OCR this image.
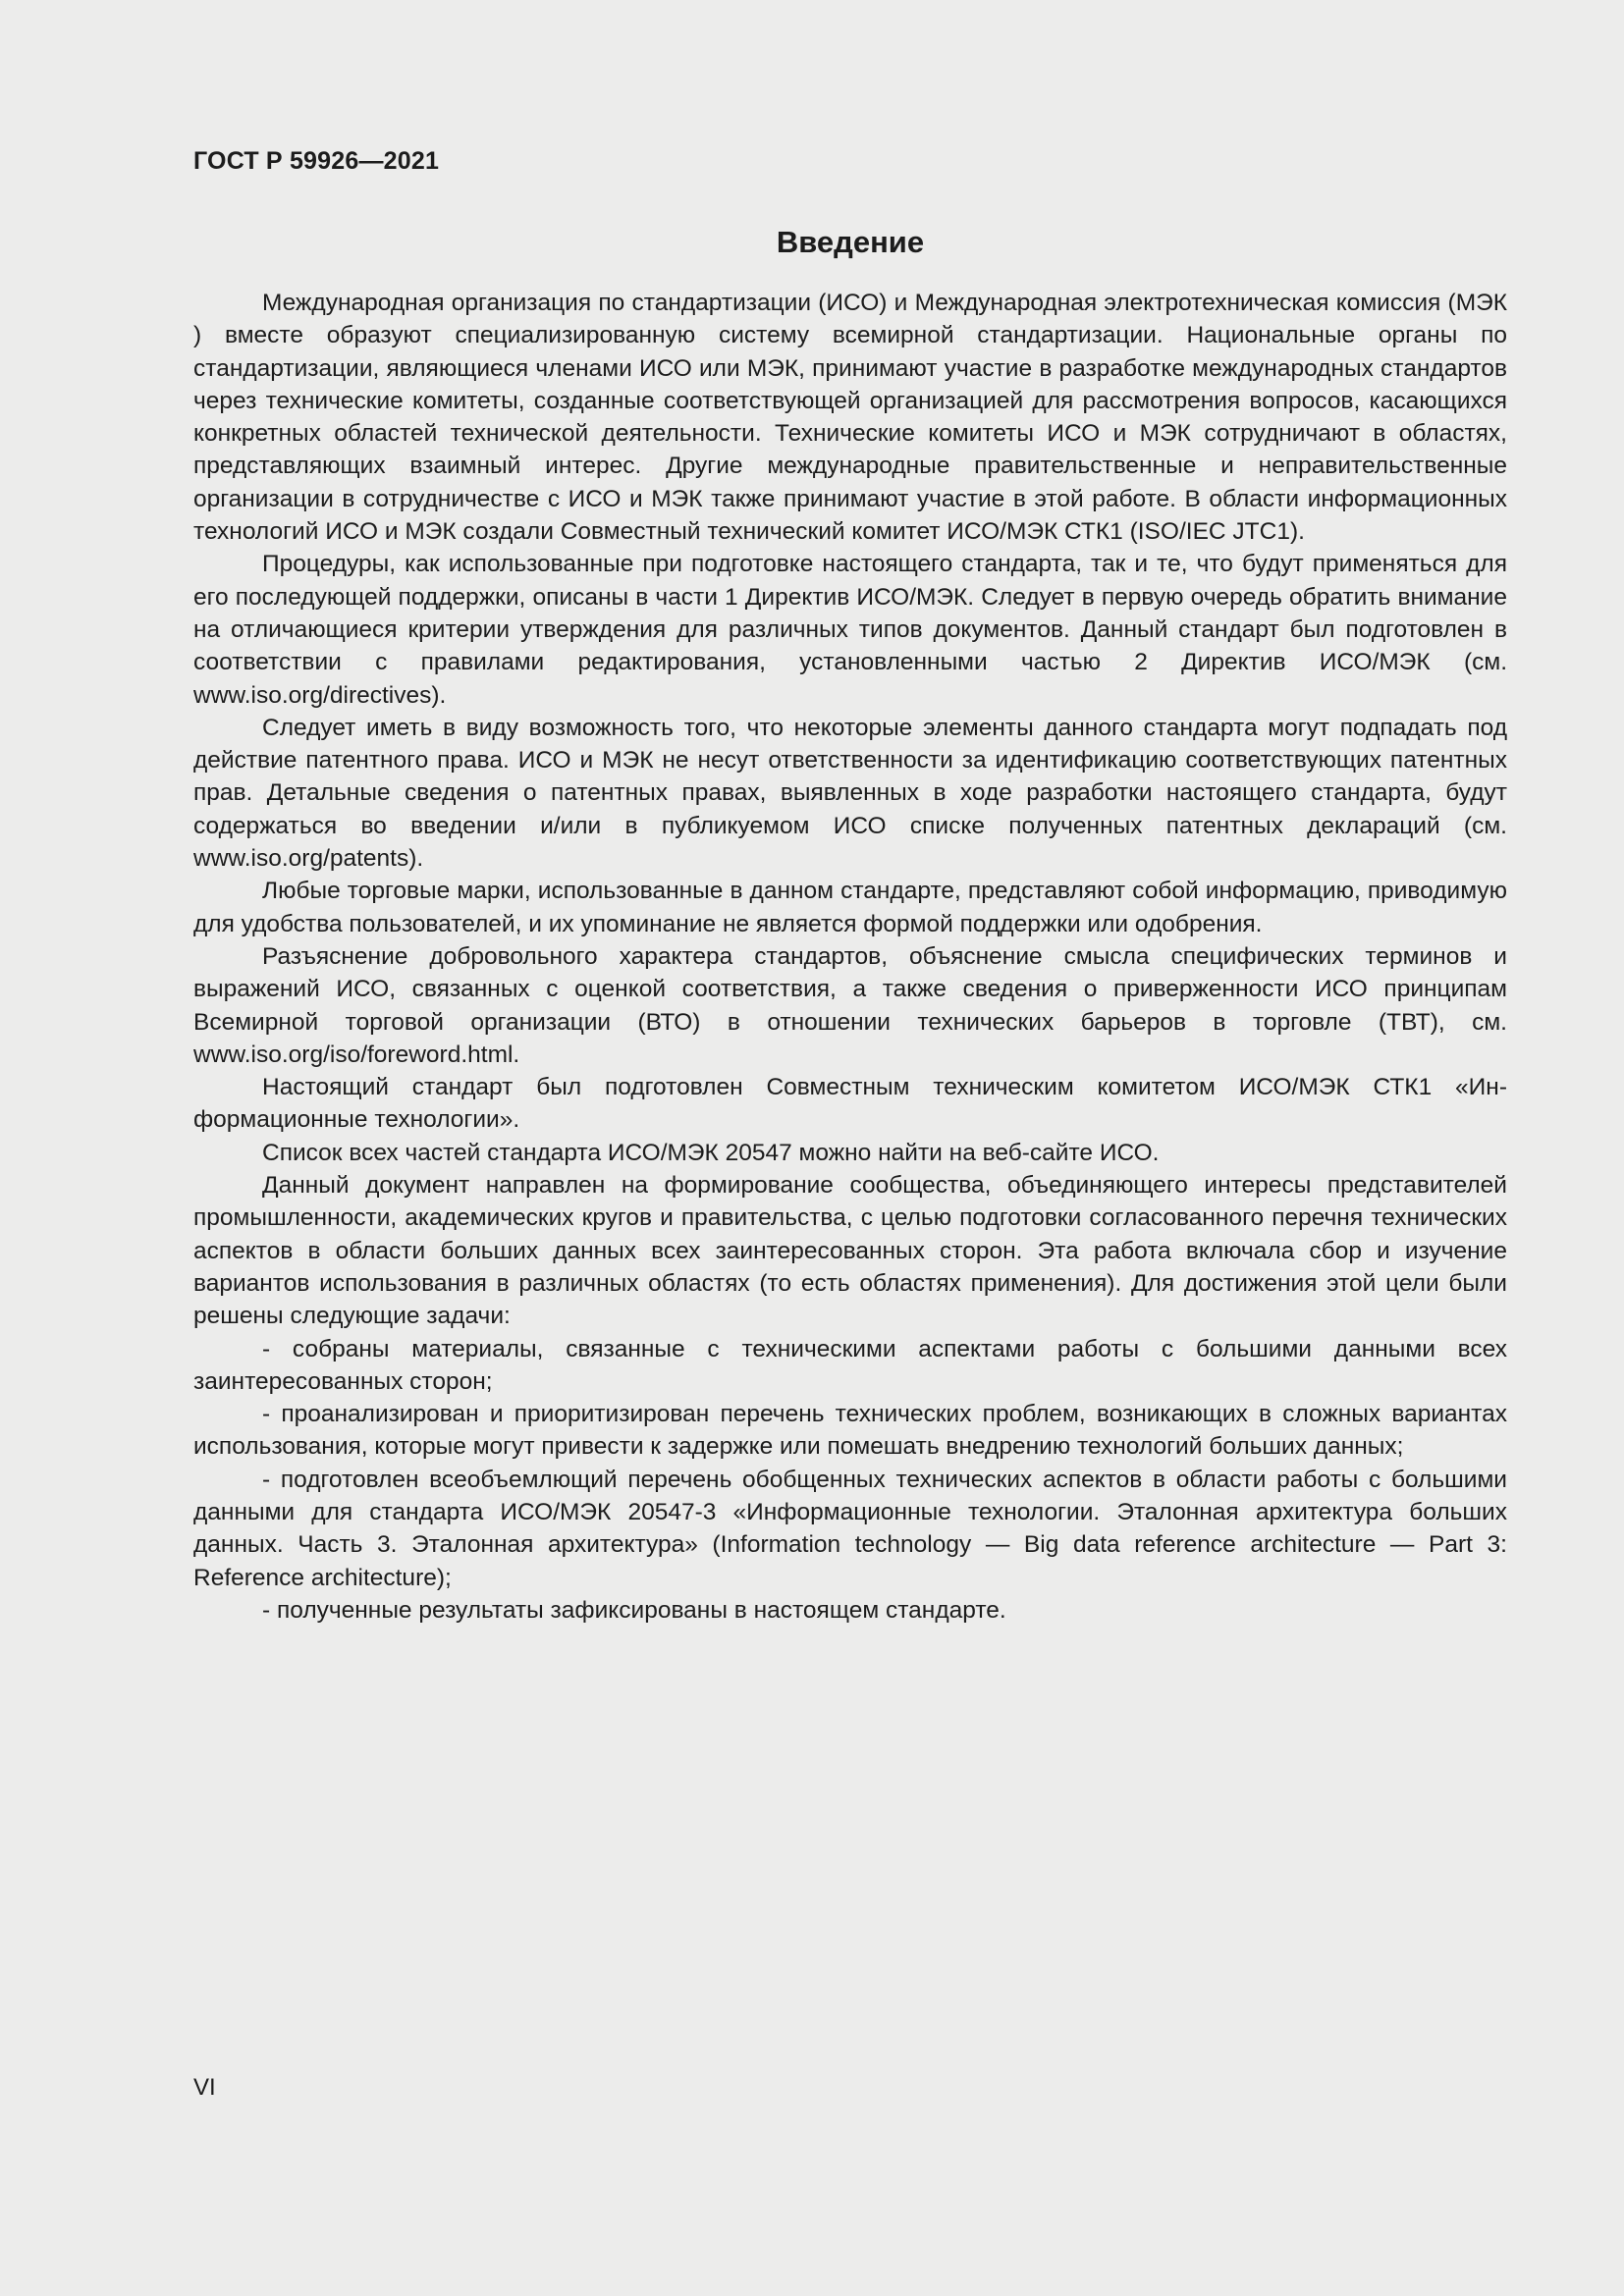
ГОСТ Р 59926—2021
Введение

Международная организация по стандартизации (ИСО) и Международная электротехническая комиссия (МЭК ) вместе образуют специализированную систему всемирной стандартизации. Национальные органы по стандартизации, являющиеся членами ИСО или МЭК, принимают участие в разработке международных стандартов через технические комитеты, созданные соответствующей организацией для рассмотрения вопросов, касающихся конкретных областей технической деятельности. Технические комитеты ИСО и МЭК сотрудничают в областях, представляющих взаимный интерес. Другие международные правительственные и неправительственные организации в сотрудничестве с ИСО и МЭК также принимают участие в этой работе. В области информационных технологий ИСО и МЭК создали Совместный технический комитет ИСО/МЭК СТК1 (ISO/IEC JTC1).

Процедуры, как использованные при подготовке настоящего стандарта, так и те, что будут применяться для его последующей поддержки, описаны в части 1 Директив ИСО/МЭК. Следует в первую очередь обратить внимание на отличающиеся критерии утверждения для различных типов документов. Данный стандарт был подготовлен в соответствии с правилами редактирования, установленными частью 2 Директив ИСО/МЭК (см. www.iso.org/directives).

Следует иметь в виду возможность того, что некоторые элементы данного стандарта могут подпадать под действие патентного права. ИСО и МЭК не несут ответственности за идентификацию соответствующих патентных прав. Детальные сведения о патентных правах, выявленных в ходе разработки настоящего стандарта, будут содержаться во введении и/или в публикуемом ИСО списке полученных патентных деклараций (см. www.iso.org/patents).

Любые торговые марки, использованные в данном стандарте, представляют собой информацию, приводимую для удобства пользователей, и их упоминание не является формой поддержки или одобрения.

Разъяснение добровольного характера стандартов, объяснение смысла специфических терминов и выражений ИСО, связанных с оценкой соответствия, а также сведения о приверженности ИСО принципам Всемирной торговой организации (ВТО) в отношении технических барьеров в торговле (ТВТ), см. www.iso.org/iso/foreword.html.

Настоящий стандарт был подготовлен Совместным техническим комитетом ИСО/МЭК СТК1 «Информационные технологии».

Список всех частей стандарта ИСО/МЭК 20547 можно найти на веб-сайте ИСО.

Данный документ направлен на формирование сообщества, объединяющего интересы представителей промышленности, академических кругов и правительства, с целью подготовки согласованного перечня технических аспектов в области больших данных всех заинтересованных сторон. Эта работа включала сбор и изучение вариантов использования в различных областях (то есть областях применения). Для достижения этой цели были решены следующие задачи:

- собраны материалы, связанные с техническими аспектами работы с большими данными всех заинтересованных сторон;

- проанализирован и приоритизирован перечень технических проблем, возникающих в сложных вариантах использования, которые могут привести к задержке или помешать внедрению технологий больших данных;

- подготовлен всеобъемлющий перечень обобщенных технических аспектов в области работы с большими данными для стандарта ИСО/МЭК 20547-3 «Информационные технологии. Эталонная архитектура больших данных. Часть 3. Эталонная архитектура» (Information technology — Big data reference architecture — Part 3: Reference architecture);

- полученные результаты зафиксированы в настоящем стандарте.

VI
